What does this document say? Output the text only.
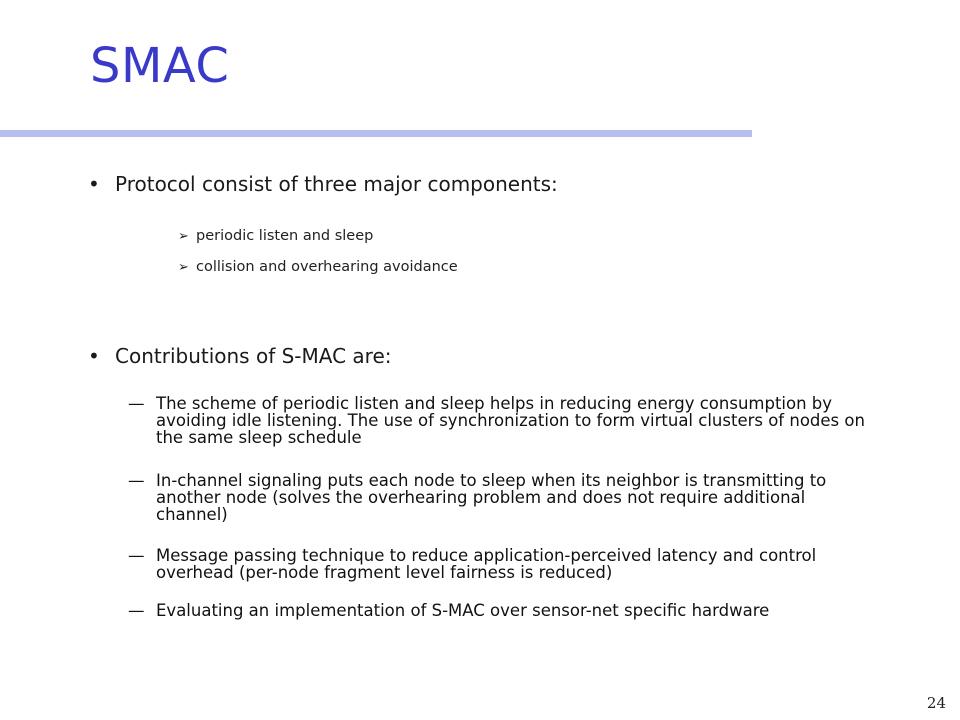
SMAC
• Protocol consist of three major components:
➢ periodic listen and sleep
➢ collision and overhearing avoidance
• Contributions of S-MAC are:
— The scheme of periodic listen and sleep helps in reducing energy consumption by avoiding idle listening. The use of synchronization to form virtual clusters of nodes on the same sleep schedule
— In-channel signaling puts each node to sleep when its neighbor is transmitting to another node (solves the overhearing problem and does not require additional channel)
— Message passing technique to reduce application-perceived latency and control overhead (per-node fragment level fairness is reduced)
— Evaluating an implementation of S-MAC over sensor-net specific hardware
24
